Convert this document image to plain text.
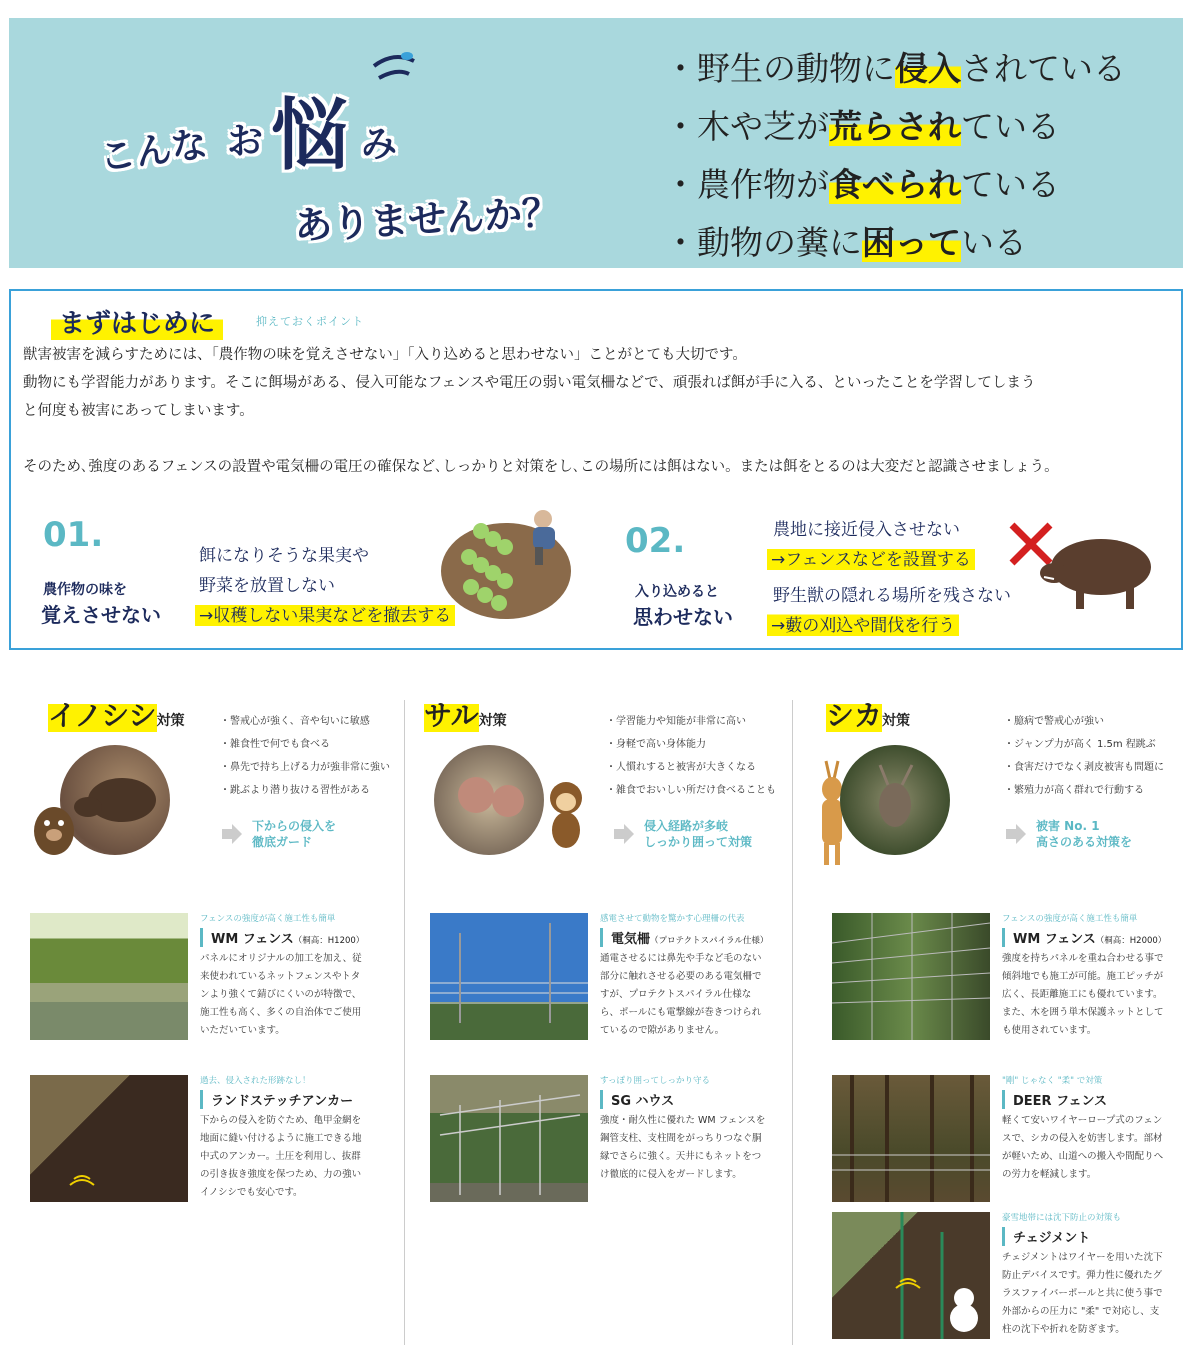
こんな お 悩 み
ありませんか？
・野生の動物に侵入されている
・木や芝が荒らされている
・農作物が食べられている
・動物の糞に困っている
まずはじめに	抑えておくポイント

獣害被害を減らすためには、「農作物の味を覚えさせない」「入り込めると思わせない」ことがとても大切です。

動物にも学習能力があります。そこに餌場がある、侵入可能なフェンスや電圧の弱い電気柵などで、頑張れば餌が手に入る、といったことを学習してしまう

と何度も被害にあってしまいます。

そのため､強度のあるフェンスの設置や電気柵の電圧の確保など､しっかりと対策をし､この場所には餌はない。または餌をとるのは大変だと認識させましょう。

01.
農作物の味を
覚えさせない
餌になりそうな果実や
野菜を放置しない
→収穫しない果実などを撤去する
02.
入り込めると
思わせない
農地に接近侵入させない
→フェンスなどを設置する
野生獣の隠れる場所を残さない
→藪の刈込や間伐を行う
イノシシ対策	・警戒心が強く、音や匂いに敏感
・雑食性で何でも食べる
・鼻先で持ち上げる力が強非常に強い
・跳ぶより潜り抜ける習性がある
下からの侵入を
徹底ガード
フェンスの強度が高く施工性も簡単
WM フェンス（桐高：H1200）
パネルにオリジナルの加工を加え、従来使われているネットフェンスやトタンより強くて錆びにくいのが特徴で、施工性も高く、多くの自治体でご使用いただいています。
過去、侵入された形跡なし！
ランドステッチアンカー
下からの侵入を防ぐため、亀甲金網を地面に縫い付けるように施工できる地中式のアンカー。土圧を利用し、抜群の引き抜き強度を保つため、力の強いイノシシでも安心です。
サル対策	・学習能力や知能が非常に高い
・身軽で高い身体能力
・人慣れすると被害が大きくなる
・雑食でおいしい所だけ食べることも
侵入経路が多岐
しっかり囲って対策
感電させて動物を驚かす心理柵の代表
電気柵（プロテクトスパイラル仕様）
通電させるには鼻先や手など毛のない部分に触れさせる必要のある電気柵ですが、プロテクトスパイラル仕様なら、ポールにも電撃線が巻きつけられているので隙がありません。
すっぽり囲ってしっかり守る
SG ハウス
強度・耐久性に優れた WM フェンスを鋼管支柱、支柱間をがっちりつなぐ胴縁でさらに強く。天井にもネットをつけ徹底的に侵入をガードします。
シカ対策	・臆病で警戒心が強い
・ジャンプ力が高く 1.5m 程跳ぶ
・食害だけでなく剥皮被害も問題に
・繁殖力が高く群れで行動する
被害 No. 1
高さのある対策を
フェンスの強度が高く施工性も簡単
WM フェンス（桐高：H2000）
強度を持ちパネルを重ね合わせる事で傾斜地でも施工が可能。施工ピッチが広く、長距離施工にも優れています。また、木を囲う単木保護ネットとしても使用されています。
"剛" じゃなく "柔" で対策
DEER フェンス
軽くて安いワイヤーロープ式のフェンスで、シカの侵入を妨害します。部材が軽いため、山道への搬入や間配りへの労力を軽減します。
豪雪地帯には沈下防止の対策も
チェジメント
チェジメントはワイヤーを用いた沈下防止デバイスです。弾力性に優れたグラスファイバーポールと共に使う事で外部からの圧力に "柔" で対応し、支柱の沈下や折れを防ぎます。
